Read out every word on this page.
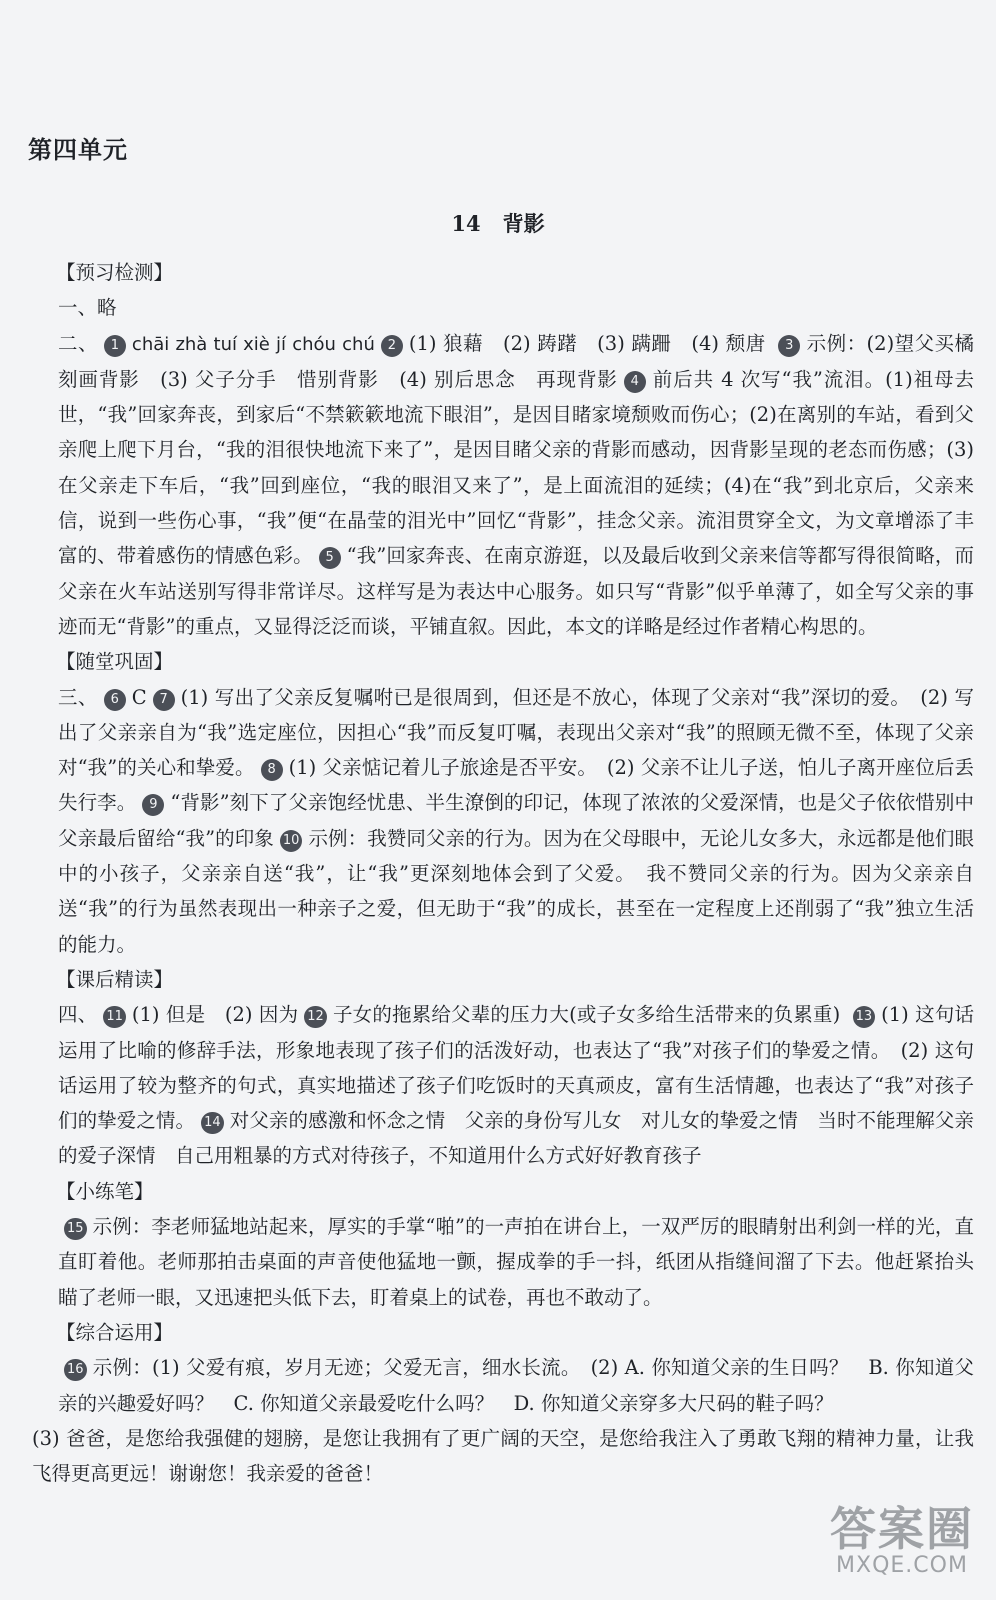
第四单元
14 背影

【预习检测】

一、略

二、 1 chāi zhà tuí xiè jí chóu chú 2 (1) 狼藉　(2) 踌躇　(3) 蹒跚　(4) 颓唐 3 示例：(2)望父买橘　刻画背影　(3) 父子分手　惜别背影　(4) 别后思念　再现背影 4 前后共 4 次写“我”流泪。(1)祖母去世，“我”回家奔丧，到家后“不禁簌簌地流下眼泪”，是因目睹家境颓败而伤心；(2)在离别的车站，看到父亲爬上爬下月台，“我的泪很快地流下来了”，是因目睹父亲的背影而感动，因背影呈现的老态而伤感；(3)在父亲走下车后，“我”回到座位，“我的眼泪又来了”，是上面流泪的延续；(4)在“我”到北京后，父亲来信，说到一些伤心事，“我”便“在晶莹的泪光中”回忆“背影”，挂念父亲。流泪贯穿全文，为文章增添了丰富的、带着感伤的情感色彩。 5 “我”回家奔丧、在南京游逛，以及最后收到父亲来信等都写得很简略，而父亲在火车站送别写得非常详尽。这样写是为表达中心服务。如只写“背影”似乎单薄了，如全写父亲的事迹而无“背影”的重点，又显得泛泛而谈，平铺直叙。因此，本文的详略是经过作者精心构思的。

【随堂巩固】

三、 6 C 7 (1) 写出了父亲反复嘱咐已是很周到，但还是不放心，体现了父亲对“我”深切的爱。　(2) 写出了父亲亲自为“我”选定座位，因担心“我”而反复叮嘱，表现出父亲对“我”的照顾无微不至，体现了父亲对“我”的关心和挚爱。 8 (1) 父亲惦记着儿子旅途是否平安。　(2) 父亲不让儿子送，怕儿子离开座位后丢失行李。 9 “背影”刻下了父亲饱经忧患、半生潦倒的印记，体现了浓浓的父爱深情，也是父子依依惜别中父亲最后留给“我”的印象 10 示例：我赞同父亲的行为。因为在父母眼中，无论儿女多大，永远都是他们眼中的小孩子，父亲亲自送“我”，让“我”更深刻地体会到了父爱。　我不赞同父亲的行为。因为父亲亲自送“我”的行为虽然表现出一种亲子之爱，但无助于“我”的成长，甚至在一定程度上还削弱了“我”独立生活的能力。

【课后精读】

四、 11 (1) 但是　(2) 因为 12 子女的拖累给父辈的压力大(或子女多给生活带来的负累重) 13 (1) 这句话运用了比喻的修辞手法，形象地表现了孩子们的活泼好动，也表达了“我”对孩子们的挚爱之情。　(2) 这句话运用了较为整齐的句式，真实地描述了孩子们吃饭时的天真顽皮，富有生活情趣，也表达了“我”对孩子们的挚爱之情。 14 对父亲的感激和怀念之情　父亲的身份写儿女　对儿女的挚爱之情　当时不能理解父亲的爱子深情　自己用粗暴的方式对待孩子，不知道用什么方式好好教育孩子

【小练笔】

15 示例：李老师猛地站起来，厚实的手掌“啪”的一声拍在讲台上，一双严厉的眼睛射出利剑一样的光，直直盯着他。老师那拍击桌面的声音使他猛地一颤，握成拳的手一抖，纸团从指缝间溜了下去。他赶紧抬头瞄了老师一眼，又迅速把头低下去，盯着桌上的试卷，再也不敢动了。

【综合运用】

16 示例：(1) 父爱有痕，岁月无迹；父爱无言，细水长流。　(2) A. 你知道父亲的生日吗？　B. 你知道父亲的兴趣爱好吗？　C. 你知道父亲最爱吃什么吗？　D. 你知道父亲穿多大尺码的鞋子吗？

(3) 爸爸，是您给我强健的翅膀，是您让我拥有了更广阔的天空，是您给我注入了勇敢飞翔的精神力量，让我飞得更高更远！谢谢您！我亲爱的爸爸！

答案圈
MXQE.COM
